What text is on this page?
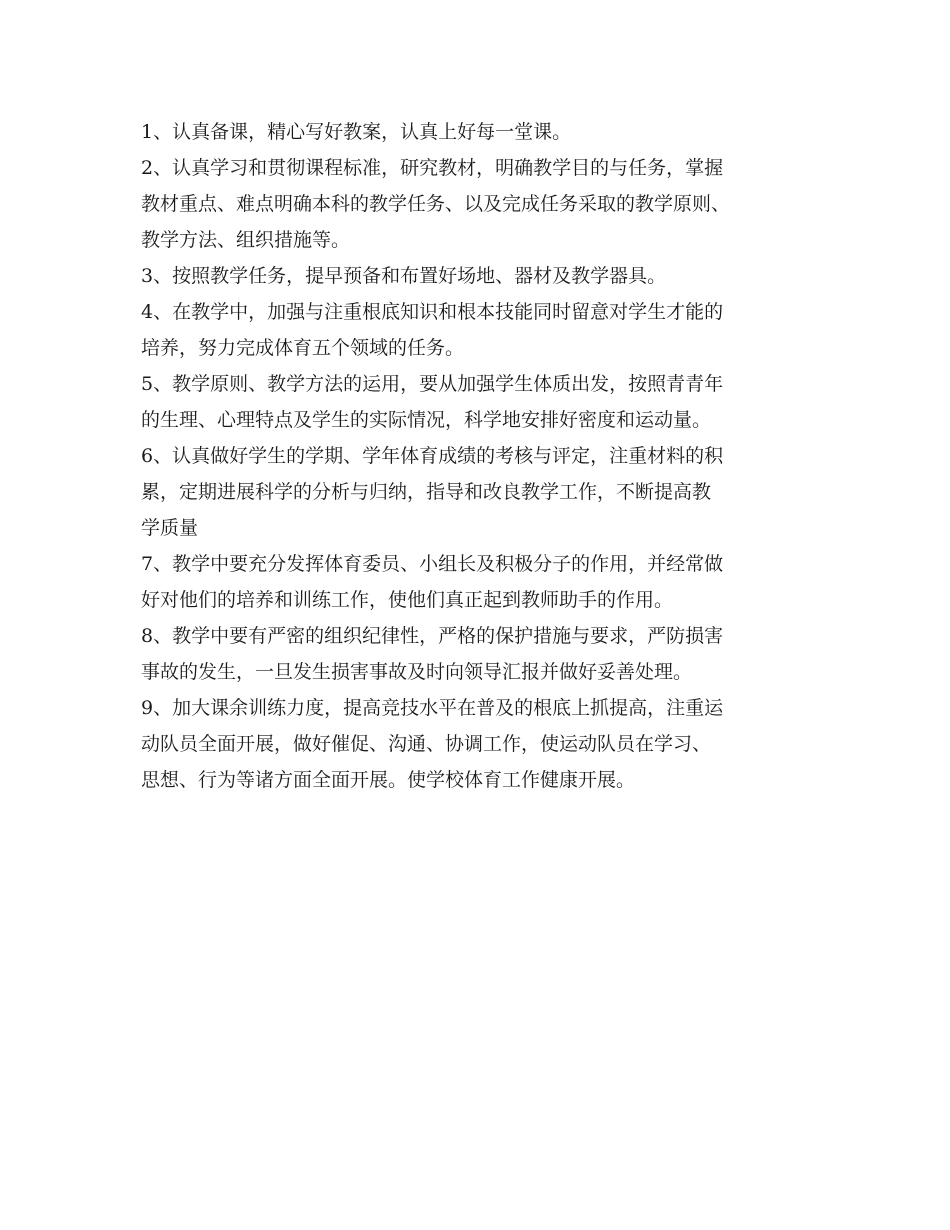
1、认真备课，精心写好教案，认真上好每一堂课。
2、认真学习和贯彻课程标准，研究教材，明确教学目的与任务，掌握
教材重点、难点明确本科的教学任务、以及完成任务采取的教学原则、
教学方法、组织措施等。
3、按照教学任务，提早预备和布置好场地、器材及教学器具。
4、在教学中，加强与注重根底知识和根本技能同时留意对学生才能的
培养，努力完成体育五个领域的任务。
5、教学原则、教学方法的运用，要从加强学生体质出发，按照青青年
的生理、心理特点及学生的实际情况，科学地安排好密度和运动量。
6、认真做好学生的学期、学年体育成绩的考核与评定，注重材料的积
累，定期进展科学的分析与归纳，指导和改良教学工作，不断提高教
学质量
7、教学中要充分发挥体育委员、小组长及积极分子的作用，并经常做
好对他们的培养和训练工作，使他们真正起到教师助手的作用。
8、教学中要有严密的组织纪律性，严格的保护措施与要求，严防损害
事故的发生，一旦发生损害事故及时向领导汇报并做好妥善处理。
9、加大课余训练力度，提高竞技水平在普及的根底上抓提高，注重运
动队员全面开展，做好催促、沟通、协调工作，使运动队员在学习、
思想、行为等诸方面全面开展。使学校体育工作健康开展。
